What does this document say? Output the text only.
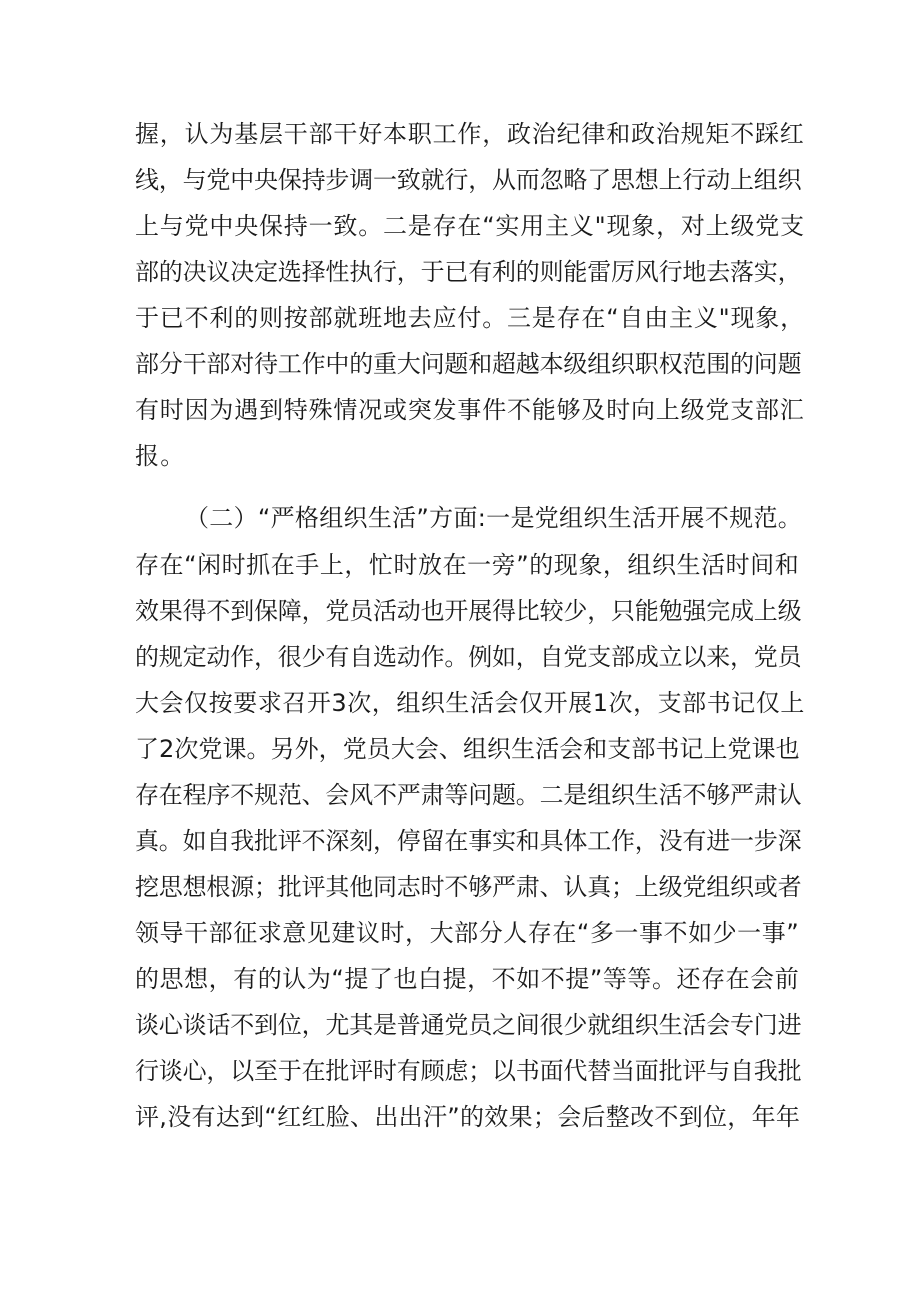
握，认为基层干部干好本职工作，政治纪律和政治规矩不踩红
线，与党中央保持步调一致就行，从而忽略了思想上行动上组织
上与党中央保持一致。二是存在“实用主义"现象，对上级党支
部的决议决定选择性执行，于已有利的则能雷厉风行地去落实，
于已不利的则按部就班地去应付。三是存在“自由主义"现象，
部分干部对待工作中的重大问题和超越本级组织职权范围的问题
有时因为遇到特殊情况或突发事件不能够及时向上级党支部汇
报。
（二）“严格组织生活”方面:一是党组织生活开展不规范。
存在“闲时抓在手上，忙时放在一旁”的现象，组织生活时间和
效果得不到保障，党员活动也开展得比较少，只能勉强完成上级
的规定动作，很少有自选动作。例如，自党支部成立以来，党员
大会仅按要求召开3次，组织生活会仅开展1次，支部书记仅上
了2次党课。另外，党员大会、组织生活会和支部书记上党课也
存在程序不规范、会风不严肃等问题。二是组织生活不够严肃认
真。如自我批评不深刻，停留在事实和具体工作，没有进一步深
挖思想根源；批评其他同志时不够严肃、认真；上级党组织或者
领导干部征求意见建议时，大部分人存在“多一事不如少一事”
的思想，有的认为“提了也白提，不如不提”等等。还存在会前
谈心谈话不到位，尤其是普通党员之间很少就组织生活会专门进
行谈心，以至于在批评时有顾虑；以书面代替当面批评与自我批
评,没有达到“红红脸、出出汗”的效果；会后整改不到位，年年
